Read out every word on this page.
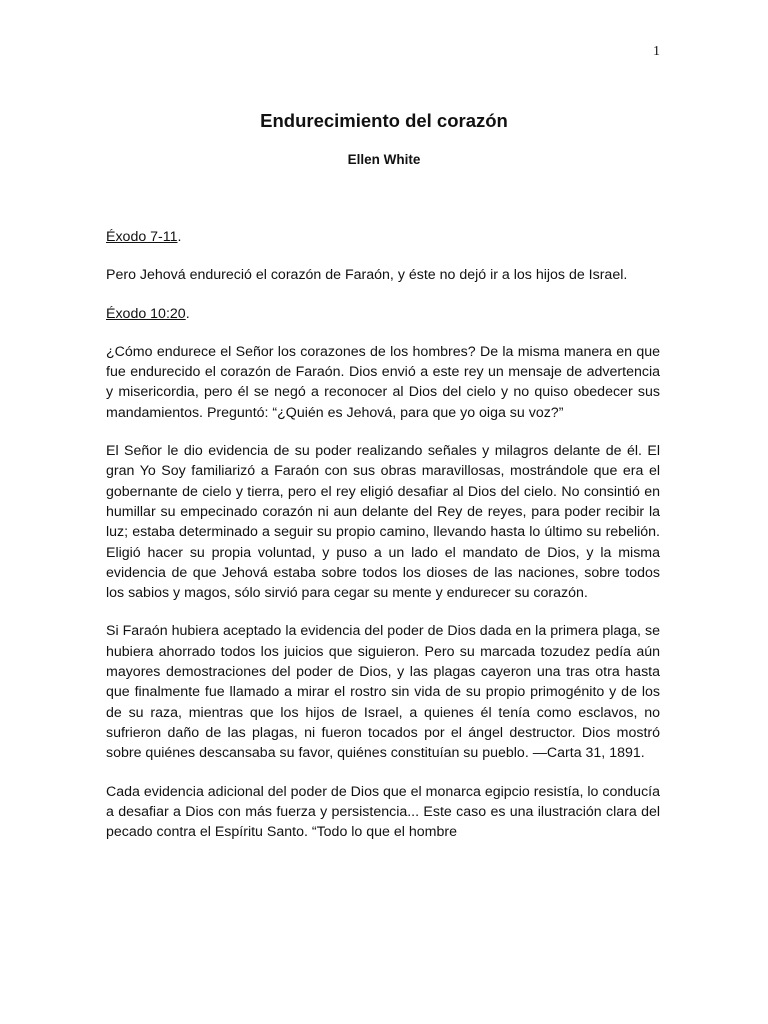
1
Endurecimiento del corazón
Ellen White

Éxodo 7-11.

Pero Jehová endureció el corazón de Faraón, y éste no dejó ir a los hijos de Israel.

Éxodo 10:20.

¿Cómo endurece el Señor los corazones de los hombres? De la misma manera en que fue endurecido el corazón de Faraón. Dios envió a este rey un mensaje de advertencia y misericordia, pero él se negó a reconocer al Dios del cielo y no quiso obedecer sus mandamientos. Preguntó: “¿Quién es Jehová, para que yo oiga su voz?”

El Señor le dio evidencia de su poder realizando señales y milagros delante de él. El gran Yo Soy familiarizó a Faraón con sus obras maravillosas, mostrándole que era el gobernante de cielo y tierra, pero el rey eligió desafiar al Dios del cielo. No consintió en humillar su empecinado corazón ni aun delante del Rey de reyes, para poder recibir la luz; estaba determinado a seguir su propio camino, llevando hasta lo último su rebelión. Eligió hacer su propia voluntad, y puso a un lado el mandato de Dios, y la misma evidencia de que Jehová estaba sobre todos los dioses de las naciones, sobre todos los sabios y magos, sólo sirvió para cegar su mente y endurecer su corazón.

Si Faraón hubiera aceptado la evidencia del poder de Dios dada en la primera plaga, se hubiera ahorrado todos los juicios que siguieron. Pero su marcada tozudez pedía aún mayores demostraciones del poder de Dios, y las plagas cayeron una tras otra hasta que finalmente fue llamado a mirar el rostro sin vida de su propio primogénito y de los de su raza, mientras que los hijos de Israel, a quienes él tenía como esclavos, no sufrieron daño de las plagas, ni fueron tocados por el ángel destructor. Dios mostró sobre quiénes descansaba su favor, quiénes constituían su pueblo. —Carta 31, 1891.

Cada evidencia adicional del poder de Dios que el monarca egipcio resistía, lo conducía a desafiar a Dios con más fuerza y persistencia... Este caso es una ilustración clara del pecado contra el Espíritu Santo. “Todo lo que el hombre
